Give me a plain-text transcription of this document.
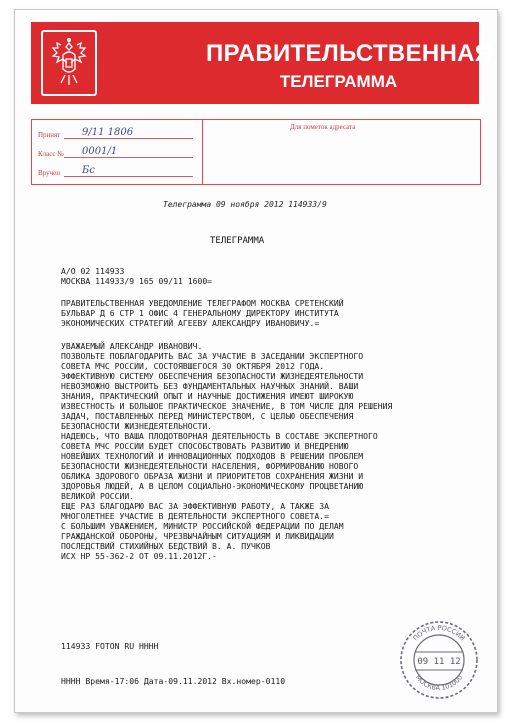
ПРАВИТЕЛЬСТВЕННАЯ
ТЕЛЕГРАММА
Принят 9/11 1806
Класс № 0001/1
Вручен Бс
Для пометок адресата
Телеграмма 09 ноября 2012 114933/9
ТЕЛЕГРАММА
А/О 02 114933
МОСКВА 114933/9 165 09/11 1600=
ПРАВИТЕЛЬСТВЕННАЯ УВЕДОМЛЕНИЕ ТЕЛЕГРАФОМ МОСКВА СРЕТЕНСКИЙ
БУЛЬВАР Д 6 СТР 1 ОФИС 4 ГЕНЕРАЛЬНОМУ ДИРЕКТОРУ ИНСТИТУТА
ЭКОНОМИЧЕСКИХ СТРАТЕГИЙ АГЕЕВУ АЛЕКСАНДРУ ИВАНОВИЧУ.=
УВАЖАЕМЫЙ АЛЕКСАНДР ИВАНОВИЧ.
ПОЗВОЛЬТЕ ПОБЛАГОДАРИТЬ ВАС ЗА УЧАСТИЕ В ЗАСЕДАНИИ ЭКСПЕРТНОГО
СОВЕТА МЧС РОССИИ, СОСТОЯВШЕГОСЯ 30 ОКТЯБРЯ 2012 ГОДА.
ЭФФЕКТИВНУЮ СИСТЕМУ ОБЕСПЕЧЕНИЯ БЕЗОПАСНОСТИ ЖИЗНЕДЕЯТЕЛЬНОСТИ
НЕВОЗМОЖНО ВЫСТРОИТЬ БЕЗ ФУНДАМЕНТАЛЬНЫХ НАУЧНЫХ ЗНАНИЙ. ВАШИ
ЗНАНИЯ, ПРАКТИЧЕСКИЙ ОПЫТ И НАУЧНЫЕ ДОСТИЖЕНИЯ ИМЕЮТ ШИРОКУЮ
ИЗВЕСТНОСТЬ И БОЛЬШОЕ ПРАКТИЧЕСКОЕ ЗНАЧЕНИЕ, В ТОМ ЧИСЛЕ ДЛЯ РЕШЕНИЯ
ЗАДАЧ, ПОСТАВЛЕННЫХ ПЕРЕД МИНИСТЕРСТВОМ, С ЦЕЛЬЮ ОБЕСПЕЧЕНИЯ
БЕЗОПАСНОСТИ ЖИЗНЕДЕЯТЕЛЬНОСТИ.
НАДЕЮСЬ, ЧТО ВАША ПЛОДОТВОРНАЯ ДЕЯТЕЛЬНОСТЬ В СОСТАВЕ ЭКСПЕРТНОГО
СОВЕТА МЧС РОССИИ БУДЕТ СПОСОБСТВОВАТЬ РАЗВИТИЮ И ВНЕДРЕНИЮ
НОВЕЙШИХ ТЕХНОЛОГИЙ И ИННОВАЦИОННЫХ ПОДХОДОВ В РЕШЕНИИ ПРОБЛЕМ
БЕЗОПАСНОСТИ ЖИЗНЕДЕЯТЕЛЬНОСТИ НАСЕЛЕНИЯ, ФОРМИРОВАНИЮ НОВОГО
ОБЛИКА ЗДОРОВОГО ОБРАЗА ЖИЗНИ И ПРИОРИТЕТОВ СОХРАНЕНИЯ ЖИЗНИ И
ЗДОРОВЬЯ ЛЮДЕЙ, А В ЦЕЛОМ СОЦИАЛЬНО-ЭКОНОМИЧЕСКОМУ ПРОЦВЕТАНИЮ
ВЕЛИКОЙ РОССИИ.
ЕЩЕ РАЗ БЛАГОДАРЮ ВАС ЗА ЭФФЕКТИВНУЮ РАБОТУ, А ТАКЖЕ ЗА
МНОГОЛЕТНЕЕ УЧАСТИЕ В ДЕЯТЕЛЬНОСТИ ЭКСПЕРТНОГО СОВЕТА.=
С БОЛЬШИМ УВАЖЕНИЕМ, МИНИСТР РОССИЙСКОЙ ФЕДЕРАЦИИ ПО ДЕЛАМ
ГРАЖДАНСКОЙ ОБОРОНЫ, ЧРЕЗВЫЧАЙНЫМ СИТУАЦИЯМ И ЛИКВИДАЦИИ
ПОСЛЕДСТВИЙ СТИХИЙНЫХ БЕДСТВИЙ В. А. ПУЧКОВ
ИСХ НР 55-362-2 ОТ 09.11.2012Г.-
114933 FOTON RU НННН
НННН Время-17:06 Дата-09.11.2012 Вх.номер-0110
ПОЧТА РОССИИ
09 11 12
МОСКВА 101000
